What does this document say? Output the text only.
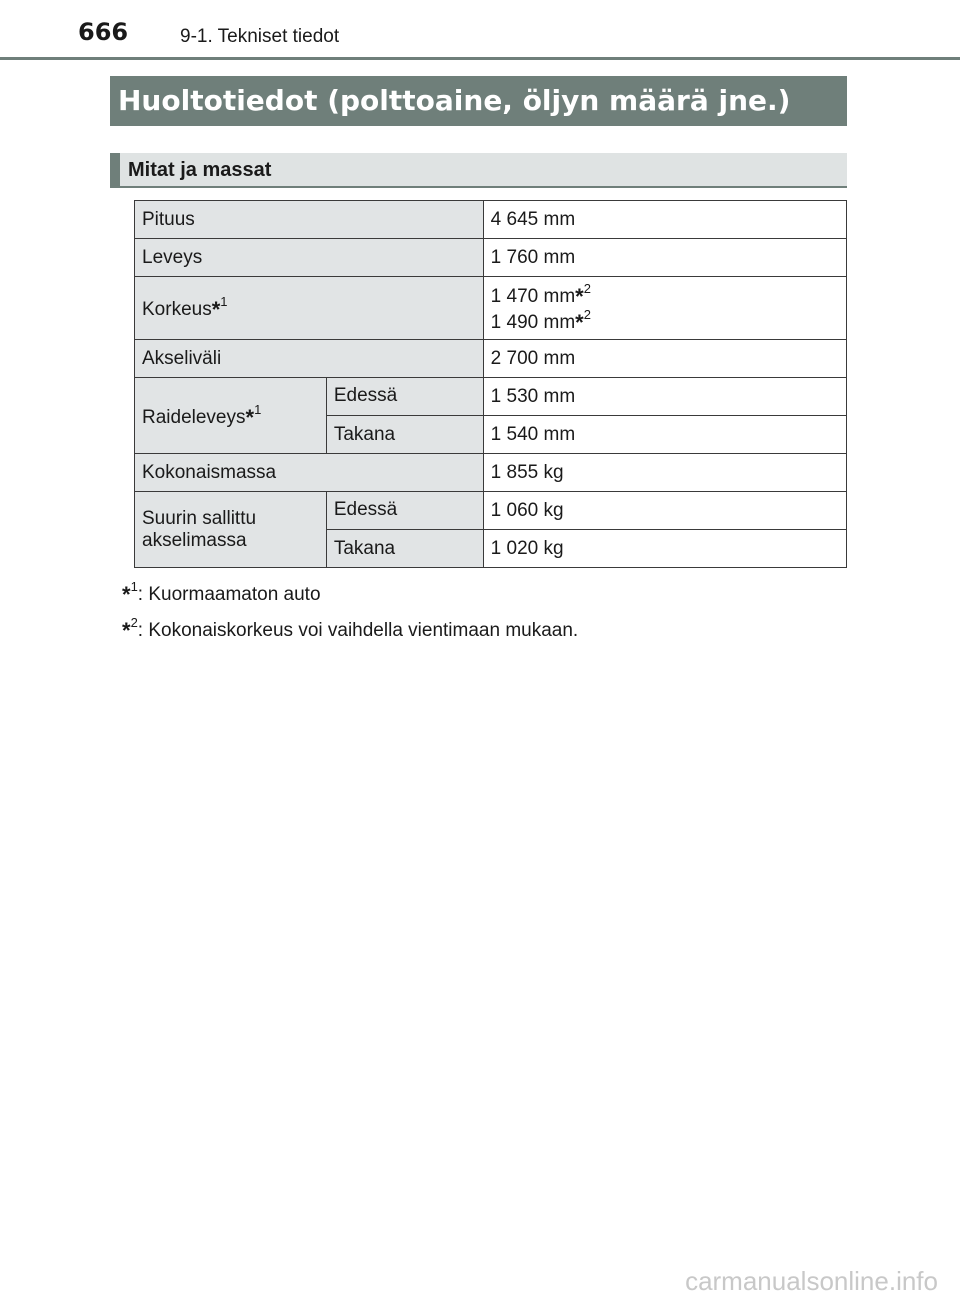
666	9-1. Tekniset tiedot
Huoltotiedot (polttoaine, öljyn määrä jne.)
Mitat ja massat
Pituus		4 645 mm
Leveys		1 760 mm
Korkeus*$^1$		1 470 mm*$^2$
1 490 mm*$^2$

Akseliväli		2 700 mm
Raideleveys*$^1$	Edessä	1 530 mm
	Takana	1 540 mm
Kokonaismassa		1 855 kg

Suurin sallittu
akselimassa	Edessä	1 060 kg
	Takana	1 020 kg
*$^1$: Kuormaamaton auto
*$^2$: Kokonaiskorkeus voi vaihdella vientimaan mukaan.
carmanualsonline.info
